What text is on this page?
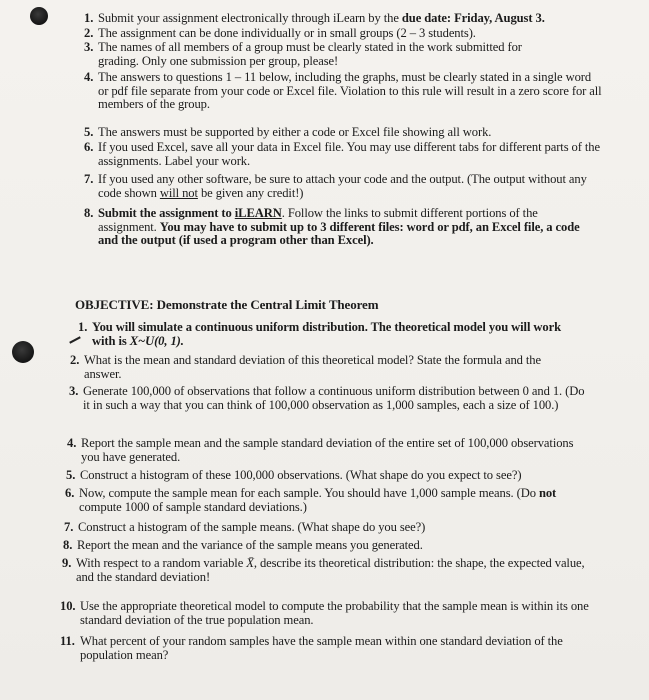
1. Submit your assignment electronically through iLearn by the due date: Friday, August 3.
2. The assignment can be done individually or in small groups (2 – 3 students).
3. The names of all members of a group must be clearly stated in the work submitted for grading. Only one submission per group, please!
4. The answers to questions 1 – 11 below, including the graphs, must be clearly stated in a single word or pdf file separate from your code or Excel file. Violation to this rule will result in a zero score for all members of the group.
5. The answers must be supported by either a code or Excel file showing all work.
6. If you used Excel, save all your data in Excel file. You may use different tabs for different parts of the assignments. Label your work.
7. If you used any other software, be sure to attach your code and the output. (The output without any code shown will not be given any credit!)
8. Submit the assignment to iLEARN. Follow the links to submit different portions of the assignment. You may have to submit up to 3 different files: word or pdf, an Excel file, a code and the output (if used a program other than Excel).
OBJECTIVE: Demonstrate the Central Limit Theorem
1. You will simulate a continuous uniform distribution. The theoretical model you will work with is X~U(0, 1).
2. What is the mean and standard deviation of this theoretical model? State the formula and the answer.
3. Generate 100,000 of observations that follow a continuous uniform distribution between 0 and 1. (Do it in such a way that you can think of 100,000 observation as 1,000 samples, each a size of 100.)
4. Report the sample mean and the sample standard deviation of the entire set of 100,000 observations you have generated.
5. Construct a histogram of these 100,000 observations. (What shape do you expect to see?)
6. Now, compute the sample mean for each sample. You should have 1,000 sample means. (Do not compute 1000 of sample standard deviations.)
7. Construct a histogram of the sample means. (What shape do you see?)
8. Report the mean and the variance of the sample means you generated.
9. With respect to a random variable X̄, describe its theoretical distribution: the shape, the expected value, and the standard deviation!
10. Use the appropriate theoretical model to compute the probability that the sample mean is within its one standard deviation of the true population mean.
11. What percent of your random samples have the sample mean within one standard deviation of the population mean?
